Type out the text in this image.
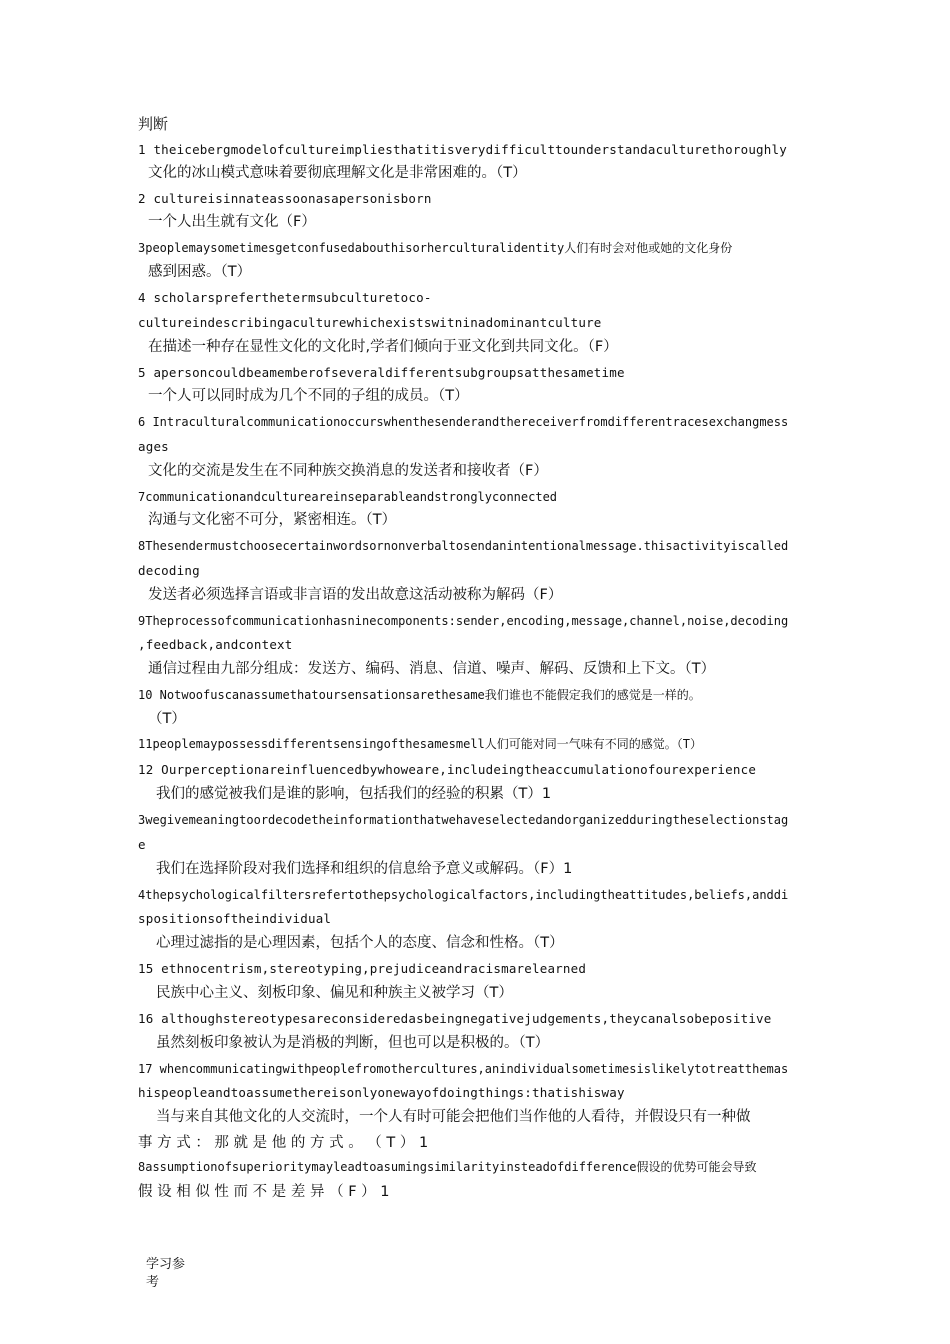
判断
1 theicebergmodelofcultureimpliesthatitisverydifficulttounderstandaculturethoroughly
文化的冰山模式意味着要彻底理解文化是非常困难的。（T）
2 cultureisinnateassoonasapersonisborn
一个人出生就有文化（F）
3peoplemaysometimesgetconfusedabouthisorherculturalidentity人们有时会对他或她的文化身份
感到困惑。（T）
4 scholarspreferthetermsubculturetoco-
cultureindescribingaculturewhichexistswitninadominantculture
在描述一种存在显性文化的文化时,学者们倾向于亚文化到共同文化。（F）
5 apersoncouldbeamemberofseveraldifferentsubgroupsatthesametime
一个人可以同时成为几个不同的子组的成员。（T）
6 Intraculturalcommunicationoccurswhenthesenderandthereceiverfromdifferentracesexchangmess
ages
文化的交流是发生在不同种族交换消息的发送者和接收者（F）
7communicationandcultureareinseparableandstronglyconnected
沟通与文化密不可分，紧密相连。（T）
8Thesendermustchoosecertainwordsornonverbaltosendanintentionalmessage.thisactivityiscalled
decoding
发送者必须选择言语或非言语的发出故意这活动被称为解码（F）
9Theprocessofcommunicationhasninecomponents:sender,encoding,message,channel,noise,decoding
,feedback,andcontext
通信过程由九部分组成：发送方、编码、消息、信道、噪声、解码、反馈和上下文。（T）
10 Notwoofuscanassumethatoursensationsarethesame我们谁也不能假定我们的感觉是一样的。
（T）
11peoplemaypossessdifferentsensingofthesamesmell人们可能对同一气味有不同的感觉。（T）
12 Ourperceptionareinfluencedbywhoweare,includeingtheaccumulationofourexperience
我们的感觉被我们是谁的影响，包括我们的经验的积累（T）1
3wegivemeaningtoordecodetheinformationthatwehaveselectedandorganizedduringtheselectionstag
e
我们在选择阶段对我们选择和组织的信息给予意义或解码。（F）1
4thepsychologicalfiltersrefertothepsychologicalfactors,includingtheattitudes,beliefs,anddi
spositionsoftheindividual
心理过滤指的是心理因素，包括个人的态度、信念和性格。（T）
15 ethnocentrism,stereotyping,prejudiceandracismarelearned
民族中心主义、刻板印象、偏见和种族主义被学习（T）
16 althoughstereotypesareconsideredasbeingnegativejudgements,theycanalsobepositive
虽然刻板印象被认为是消极的判断，但也可以是积极的。（T）
17 whencommunicatingwithpeoplefromothercultures,anindividualsometimesislikelytotreatthemas
hispeopleandtoassumethereisonlyonewayofdoingthings:thatishisway
当与来自其他文化的人交流时，一个人有时可能会把他们当作他的人看待，并假设只有一种做
事 方 式 ： 那 就 是 他 的 方 式 。 （ T ） 1
8assumptionofsuperioritymayleadtoasumingsimilarityinsteadofdifference假设的优势可能会导致
假 设 相 似 性 而 不 是 差 异 （ F ） 1
学习参
考
